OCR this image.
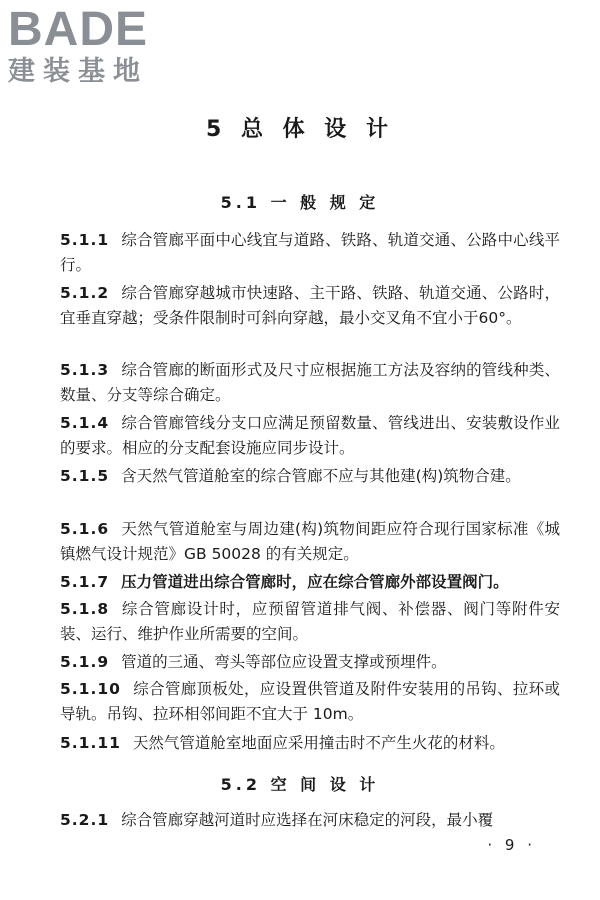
BADE
建装基地
5 总 体 设 计
5.1 一 般 规 定
5.1.1 综合管廊平面中心线宜与道路、铁路、轨道交通、公路中心线平行。
5.1.2 综合管廊穿越城市快速路、主干路、铁路、轨道交通、公路时，宜垂直穿越；受条件限制时可斜向穿越，最小交叉角不宜小于60°。
5.1.3 综合管廊的断面形式及尺寸应根据施工方法及容纳的管线种类、数量、分支等综合确定。
5.1.4 综合管廊管线分支口应满足预留数量、管线进出、安装敷设作业的要求。相应的分支配套设施应同步设计。
5.1.5 含天然气管道舱室的综合管廊不应与其他建(构)筑物合建。
5.1.6 天然气管道舱室与周边建(构)筑物间距应符合现行国家标准《城镇燃气设计规范》GB 50028 的有关规定。
5.1.7 压力管道进出综合管廊时，应在综合管廊外部设置阀门。
5.1.8 综合管廊设计时，应预留管道排气阀、补偿器、阀门等附件安装、运行、维护作业所需要的空间。
5.1.9 管道的三通、弯头等部位应设置支撑或预埋件。
5.1.10 综合管廊顶板处，应设置供管道及附件安装用的吊钩、拉环或导轨。吊钩、拉环相邻间距不宜大于 10m。
5.1.11 天然气管道舱室地面应采用撞击时不产生火花的材料。
5.2 空 间 设 计
5.2.1 综合管廊穿越河道时应选择在河床稳定的河段，最小覆
· 9 ·
